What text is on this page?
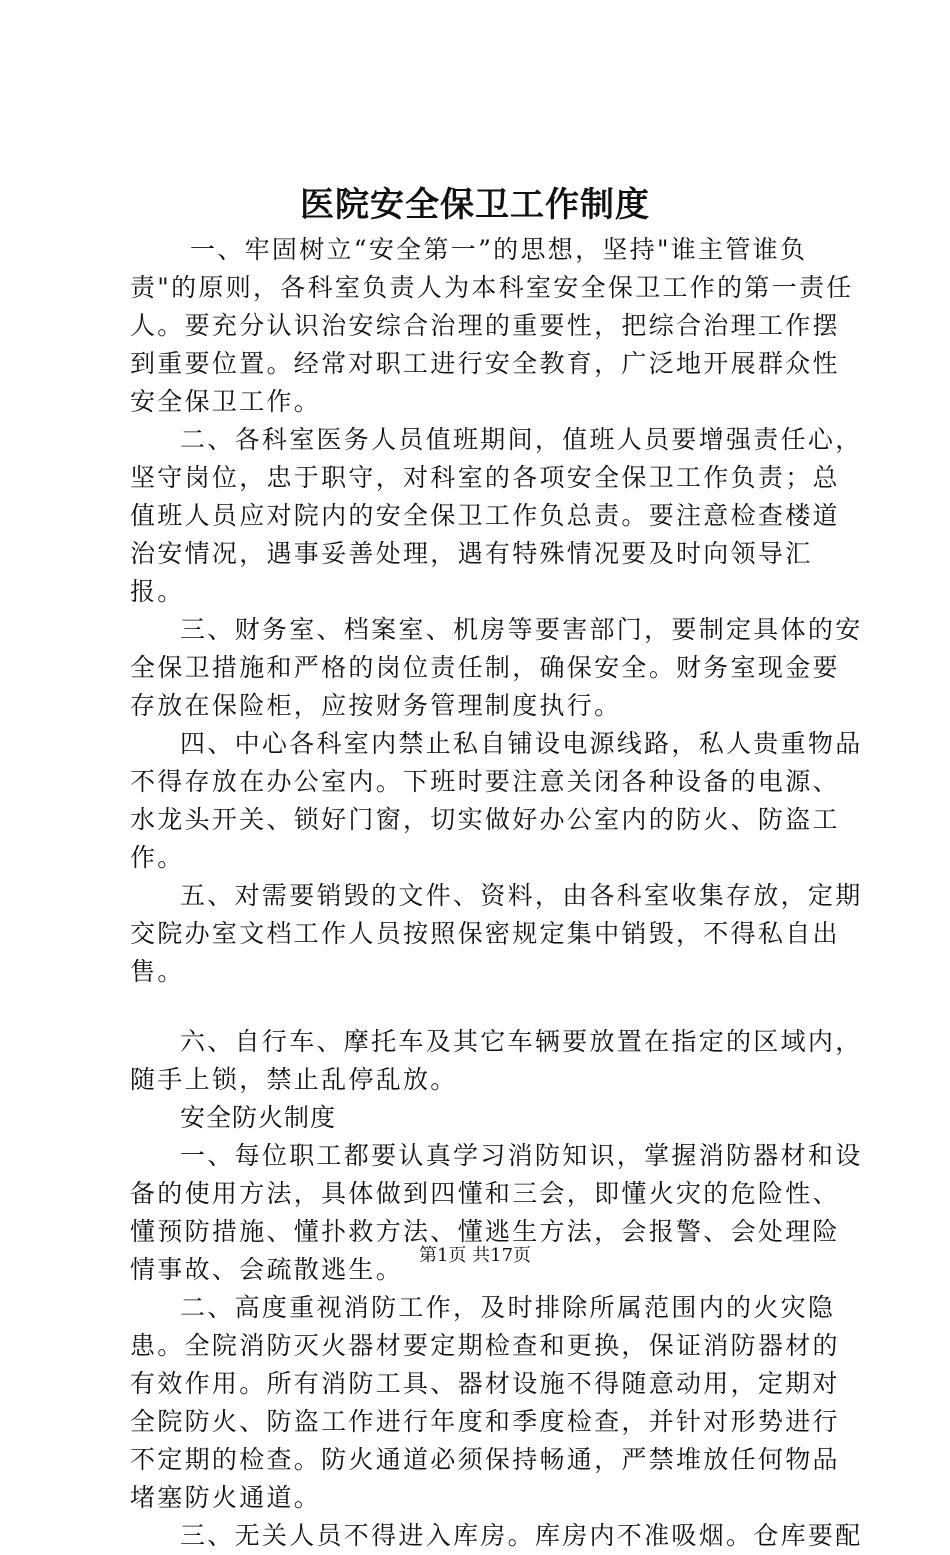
医院安全保卫工作制度

一、牢固树立“安全第一”的思想，坚持"谁主管谁负责"的原则，各科室负责人为本科室安全保卫工作的第一责任人。要充分认识治安综合治理的重要性，把综合治理工作摆到重要位置。经常对职工进行安全教育，广泛地开展群众性安全保卫工作。

二、各科室医务人员值班期间，值班人员要增强责任心，坚守岗位，忠于职守，对科室的各项安全保卫工作负责；总值班人员应对院内的安全保卫工作负总责。要注意检查楼道治安情况，遇事妥善处理，遇有特殊情况要及时向领导汇报。

三、财务室、档案室、机房等要害部门，要制定具体的安全保卫措施和严格的岗位责任制，确保安全。财务室现金要存放在保险柜，应按财务管理制度执行。

四、中心各科室内禁止私自铺设电源线路，私人贵重物品不得存放在办公室内。下班时要注意关闭各种设备的电源、水龙头开关、锁好门窗，切实做好办公室内的防火、防盗工作。

五、对需要销毁的文件、资料，由各科室收集存放，定期交院办室文档工作人员按照保密规定集中销毁，不得私自出售。

六、自行车、摩托车及其它车辆要放置在指定的区域内，随手上锁，禁止乱停乱放。

安全防火制度

一、每位职工都要认真学习消防知识，掌握消防器材和设备的使用方法，具体做到四懂和三会，即懂火灾的危险性、懂预防措施、懂扑救方法、懂逃生方法，会报警、会处理险情事故、会疏散逃生。

二、高度重视消防工作，及时排除所属范围内的火灾隐患。全院消防灭火器材要定期检查和更换，保证消防器材的有效作用。所有消防工具、器材设施不得随意动用，定期对全院防火、防盗工作进行年度和季度检查，并针对形势进行不定期的检查。防火通道必须保持畅通，严禁堆放任何物品堵塞防火通道。

三、无关人员不得进入库房。库房内不准吸烟。仓库要配

第1页 共17页
